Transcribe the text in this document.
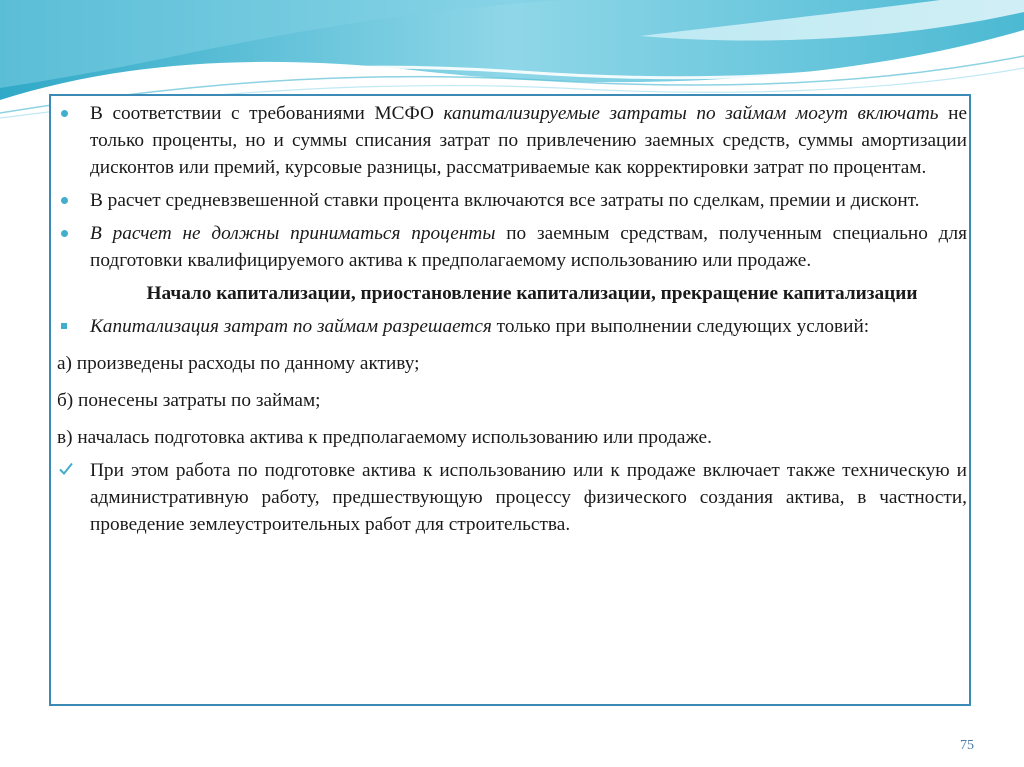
В соответствии с требованиями МСФО капитализируемые затраты по займам могут включать не только проценты, но и суммы списания затрат по привлечению заемных средств, суммы амортизации дисконтов или премий, курсовые разницы, рассматриваемые как корректировки затрат по процентам.

В расчет средневзвешенной ставки процента включаются все затраты по сделкам, премии и дисконт.

В расчет не должны приниматься проценты по заемным средствам, полученным специально для подготовки квалифицируемого актива к предполагаемому использованию или продаже.

Начало капитализации, приостановление капитализации, прекращение капитализации

Капитализация затрат по займам разрешается только при выполнении следующих условий:

а) произведены расходы по данному активу;

б) понесены затраты по займам;

в) началась подготовка актива к предполагаемому использованию или продаже.

При этом работа по подготовке актива к использованию или к продаже включает также техническую и административную работу, предшествующую процессу физического создания актива, в частности, проведение землеустроительных работ для строительства.

75
